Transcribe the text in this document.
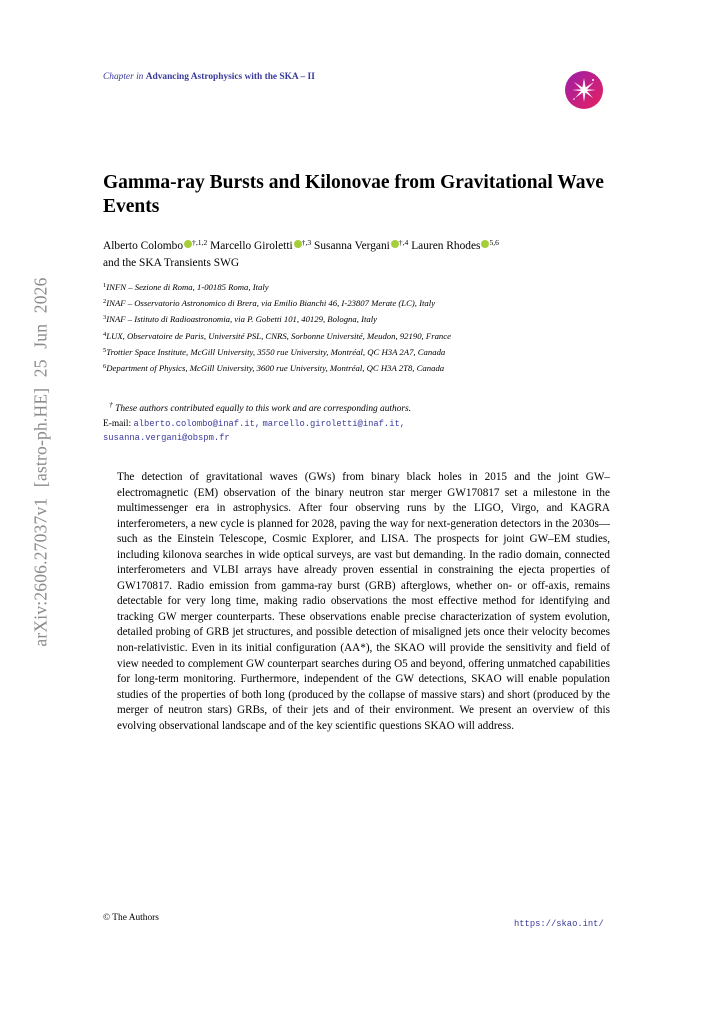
arXiv:2606.27037v1 [astro-ph.HE] 25 Jun 2026
Chapter in Advancing Astrophysics with the SKA – II
Gamma-ray Bursts and Kilonovae from Gravitational Wave Events
Alberto Colombo $^{\dagger,1,2}$ Marcello Giroletti $^{\dagger,3}$ Susanna Vergani $^{\dagger,4}$ Lauren Rhodes $^{5,6}$
and the SKA Transients SWG
$^1$INFN – Sezione di Roma, 1-00185 Roma, Italy
$^2$INAF – Osservatorio Astronomico di Brera, via Emilio Bianchi 46, I-23807 Merate (LC), Italy
$^3$INAF – Istituto di Radioastronomia, via P. Gobetti 101, 40129, Bologna, Italy
$^4$LUX, Observatoire de Paris, Université PSL, CNRS, Sorbonne Université, Meudon, 92190, France
$^5$Trottier Space Institute, McGill University, 3550 rue University, Montréal, QC H3A 2A7, Canada
$^6$Department of Physics, McGill University, 3600 rue University, Montréal, QC H3A 2T8, Canada
† These authors contributed equally to this work and are corresponding authors.
E-mail: alberto.colombo@inaf.it, marcello.giroletti@inaf.it,
susanna.vergani@obspm.fr
The detection of gravitational waves (GWs) from binary black holes in 2015 and the joint GW–electromagnetic (EM) observation of the binary neutron star merger GW170817 set a milestone in the multimessenger era in astrophysics. After four observing runs by the LIGO, Virgo, and KAGRA interferometers, a new cycle is planned for 2028, paving the way for next-generation detectors in the 2030s—such as the Einstein Telescope, Cosmic Explorer, and LISA. The prospects for joint GW–EM studies, including kilonova searches in wide optical surveys, are vast but demanding. In the radio domain, connected interferometers and VLBI arrays have already proven essential in constraining the ejecta properties of GW170817. Radio emission from gamma-ray burst (GRB) afterglows, whether on- or off-axis, remains detectable for very long time, making radio observations the most effective method for identifying and tracking GW merger counterparts. These observations enable precise characterization of system evolution, detailed probing of GRB jet structures, and possible detection of misaligned jets once their velocity becomes non-relativistic. Even in its initial configuration (AA*), the SKAO will provide the sensitivity and field of view needed to complement GW counterpart searches during O5 and beyond, offering unmatched capabilities for long-term monitoring. Furthermore, independent of the GW detections, SKAO will enable population studies of the properties of both long (produced by the collapse of massive stars) and short (produced by the merger of neutron stars) GRBs, of their jets and of their environment. We present an overview of this evolving observational landscape and of the key scientific questions SKAO will address.
© The Authors
https://skao.int/
